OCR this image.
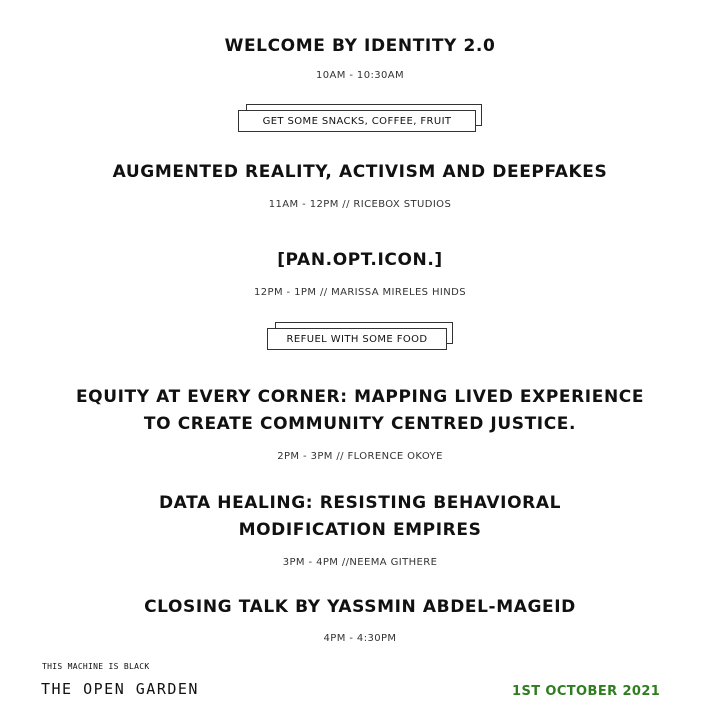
WELCOME BY IDENTITY 2.0
10AM - 10:30AM
GET SOME SNACKS, COFFEE, FRUIT
AUGMENTED REALITY, ACTIVISM AND DEEPFAKES
11AM - 12PM // RICEBOX STUDIOS
[PAN.OPT.ICON.]
12PM - 1PM // MARISSA MIRELES HINDS
REFUEL WITH SOME FOOD
EQUITY AT EVERY CORNER: MAPPING LIVED EXPERIENCE
TO CREATE COMMUNITY CENTRED JUSTICE.
2PM - 3PM // FLORENCE OKOYE
DATA HEALING: RESISTING BEHAVIORAL
MODIFICATION EMPIRES
3PM - 4PM //NEEMA GITHERE
CLOSING TALK BY YASSMIN ABDEL-MAGEID
4PM - 4:30PM
THIS MACHINE IS BLACK
THE OPEN GARDEN	1ST OCTOBER 2021
